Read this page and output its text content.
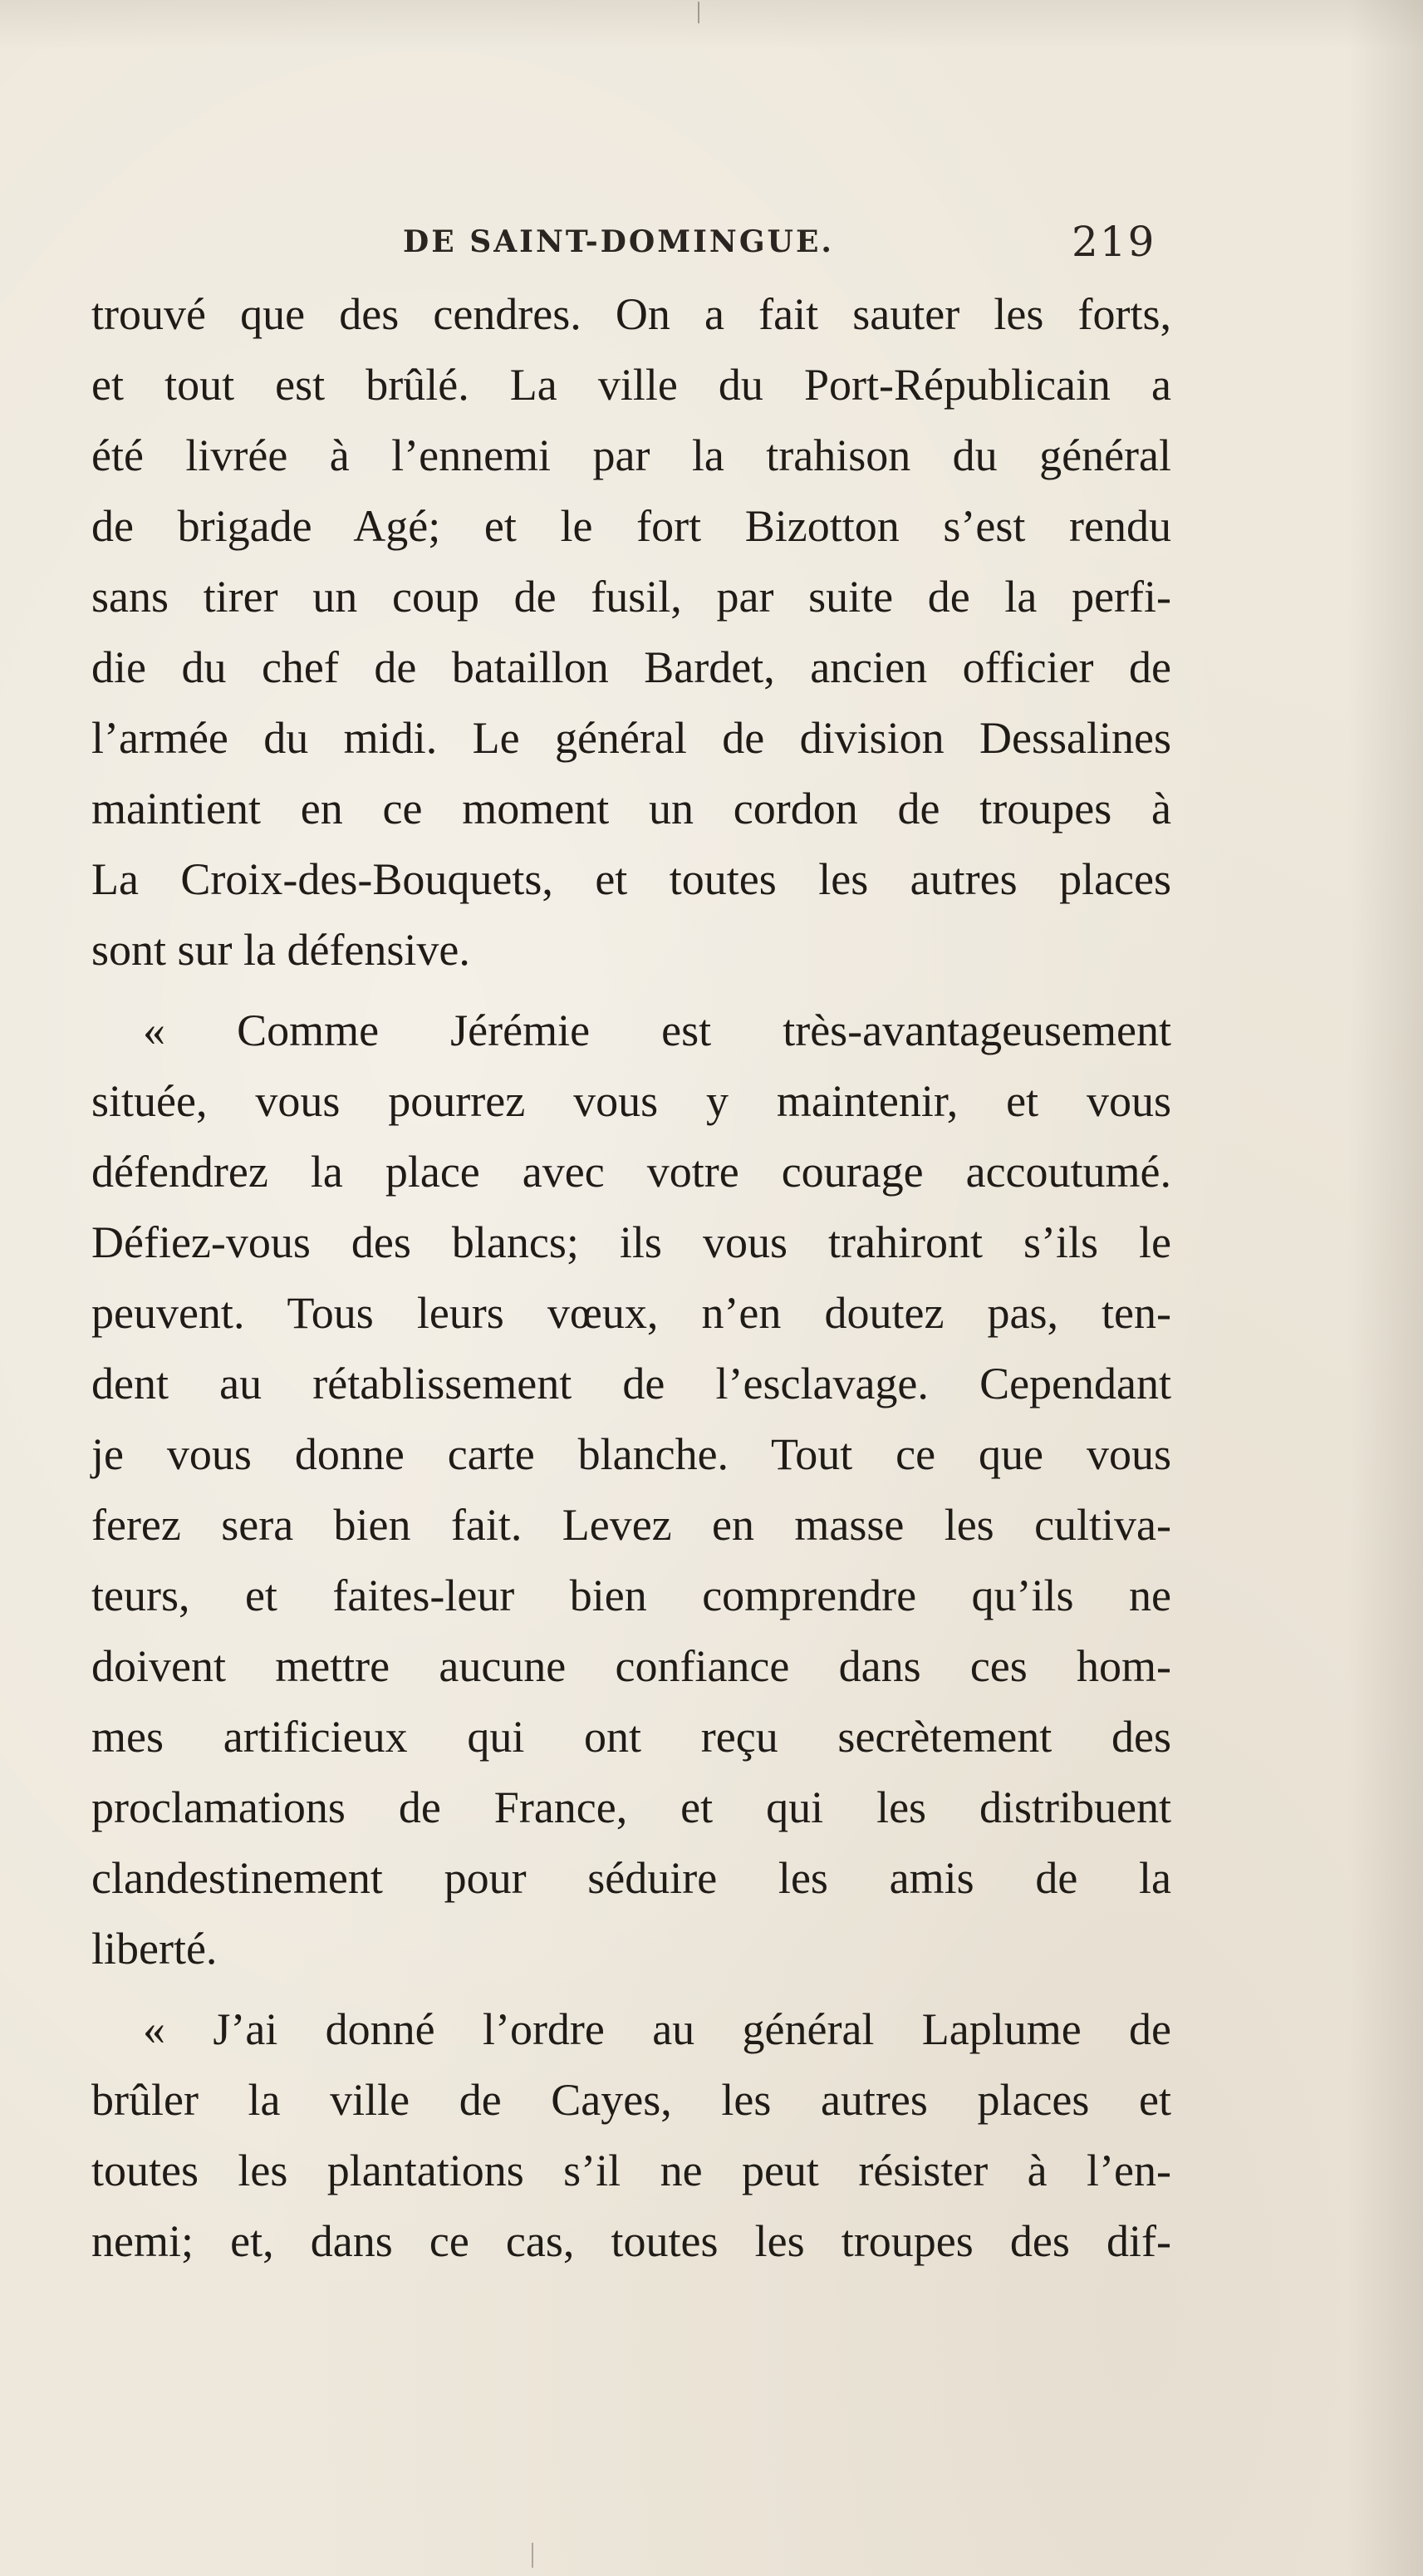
DE SAINT-DOMINGUE.	219
trouvé que des cendres. On a fait sauter les forts,
et tout est brûlé. La ville du Port-Républicain a
été livrée à l’ennemi par la trahison du général
de brigade Agé; et le fort Bizotton s’est rendu
sans tirer un coup de fusil, par suite de la perfi-
die du chef de bataillon Bardet, ancien officier de
l’armée du midi. Le général de division Dessalines
maintient en ce moment un cordon de troupes à
La Croix-des-Bouquets, et toutes les autres places
sont sur la défensive.
« Comme Jérémie est très-avantageusement
située, vous pourrez vous y maintenir, et vous
défendrez la place avec votre courage accoutumé.
Défiez-vous des blancs; ils vous trahiront s’ils le
peuvent. Tous leurs vœux, n’en doutez pas, ten-
dent au rétablissement de l’esclavage. Cependant
je vous donne carte blanche. Tout ce que vous
ferez sera bien fait. Levez en masse les cultiva-
teurs, et faites-leur bien comprendre qu’ils ne
doivent mettre aucune confiance dans ces hom-
mes artificieux qui ont reçu secrètement des
proclamations de France, et qui les distribuent
clandestinement pour séduire les amis de la
liberté.
« J’ai donné l’ordre au général Laplume de
brûler la ville de Cayes, les autres places et
toutes les plantations s’il ne peut résister à l’en-
nemi; et, dans ce cas, toutes les troupes des dif-
